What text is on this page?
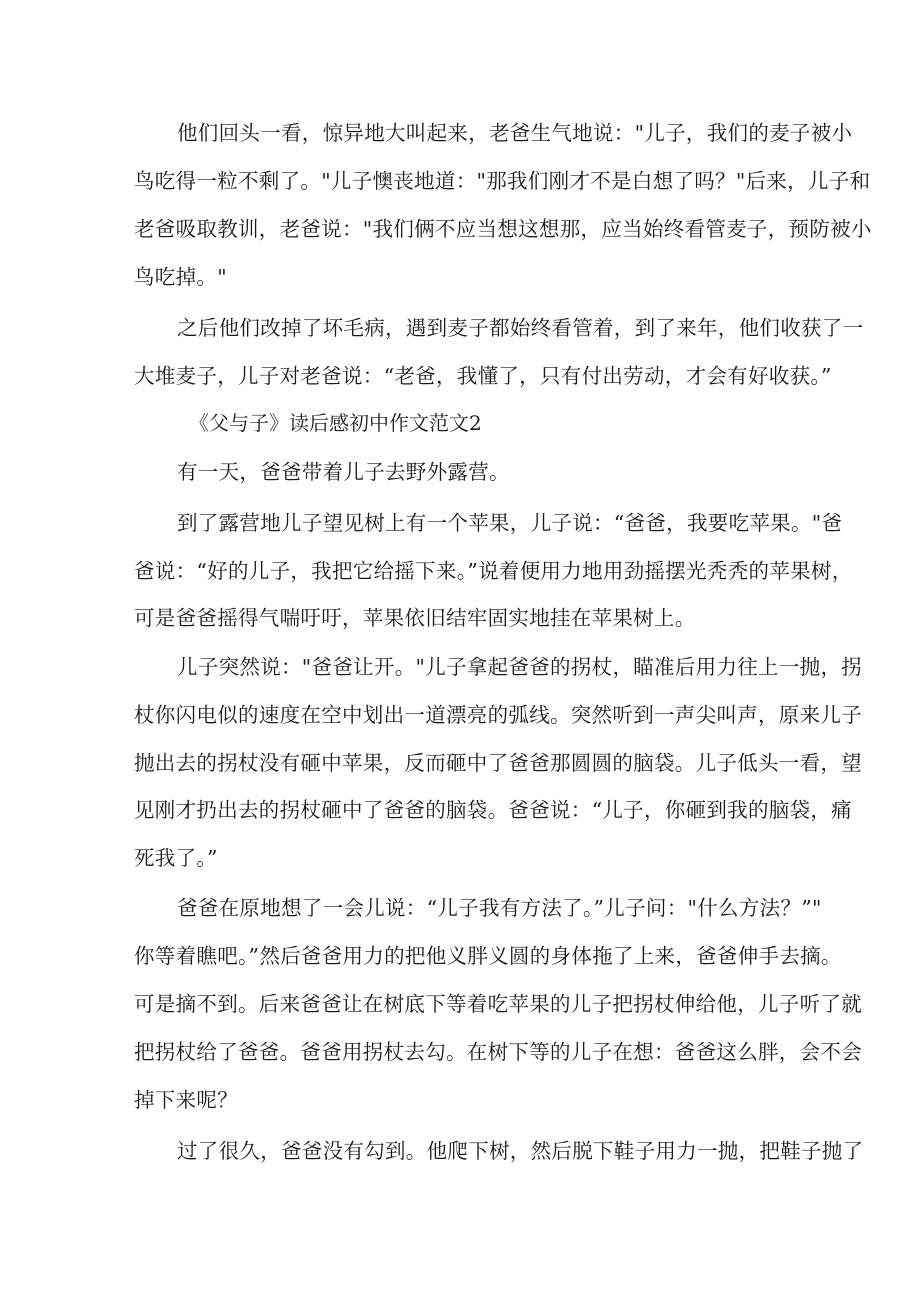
他们回头一看，惊异地大叫起来，老爸生气地说："儿子，我们的麦子被小
鸟吃得一粒不剩了。"儿子懊丧地道："那我们刚才不是白想了吗？"后来，儿子和
老爸吸取教训，老爸说："我们俩不应当想这想那，应当始终看管麦子，预防被小
鸟吃掉。"
之后他们改掉了坏毛病，遇到麦子都始终看管着，到了来年，他们收获了一
大堆麦子，儿子对老爸说：“老爸，我懂了，只有付出劳动，才会有好收获。”
《父与子》读后感初中作文范文2
有一天，爸爸带着儿子去野外露营。
到了露营地儿子望见树上有一个苹果，儿子说：“爸爸，我要吃苹果。"爸
爸说：“好的儿子，我把它给摇下来。”说着便用力地用劲摇摆光秃秃的苹果树，
可是爸爸摇得气喘吁吁，苹果依旧结牢固实地挂在苹果树上。
儿子突然说："爸爸让开。"儿子拿起爸爸的拐杖，瞄准后用力往上一抛，拐
杖你闪电似的速度在空中划出一道漂亮的弧线。突然听到一声尖叫声，原来儿子
抛出去的拐杖没有砸中苹果，反而砸中了爸爸那圆圆的脑袋。儿子低头一看，望
见刚才扔出去的拐杖砸中了爸爸的脑袋。爸爸说：“儿子，你砸到我的脑袋，痛
死我了。”
爸爸在原地想了一会儿说：“儿子我有方法了。”儿子问："什么方法？”"
你等着瞧吧。”然后爸爸用力的把他义胖义圆的身体拖了上来，爸爸伸手去摘。
可是摘不到。后来爸爸让在树底下等着吃苹果的儿子把拐杖伸给他，儿子听了就
把拐杖给了爸爸。爸爸用拐杖去勾。在树下等的儿子在想：爸爸这么胖，会不会
掉下来呢？
过了很久，爸爸没有勾到。他爬下树，然后脱下鞋子用力一抛，把鞋子抛了
